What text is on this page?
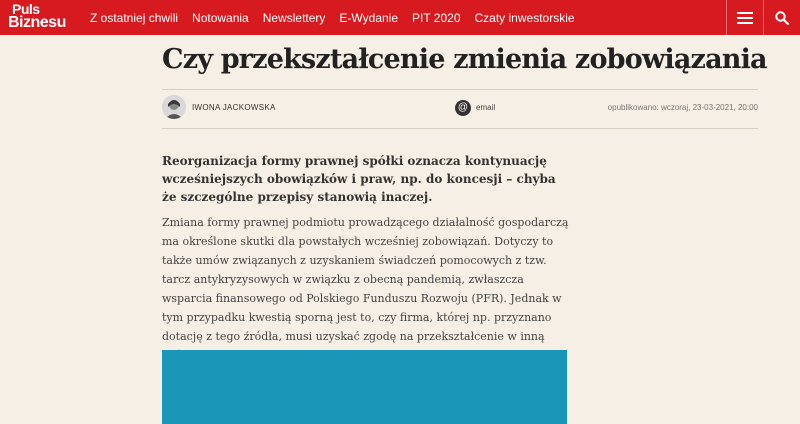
Puls
Biznesu	Z ostatniej chwili Notowania Newslettery E-Wydanie PIT 2020 Czaty inwestorskie
Czy przekształcenie zmienia zobowiązania
IWONA JACKOWSKA	@ email	opublikowano: wczoraj, 23-03-2021, 20:00

Reorganizacja formy prawnej spółki oznacza kontynuację wcześniejszych obowiązków i praw, np. do koncesji – chyba że szczególne przepisy stanowią inaczej.

Zmiana formy prawnej podmiotu prowadzącego działalność gospodarczą ma określone skutki dla powstałych wcześniej zobowiązań. Dotyczy to także umów związanych z uzyskaniem świadczeń pomocowych z tzw. tarcz antykryzysowych w związku z obecną pandemią, zwłaszcza wsparcia finansowego od Polskiego Funduszu Rozwoju (PFR). Jednak w tym przypadku kwestią sporną jest to, czy firma, której np. przyznano dotację z tego źródła, musi uzyskać zgodę na przekształcenie w inną
